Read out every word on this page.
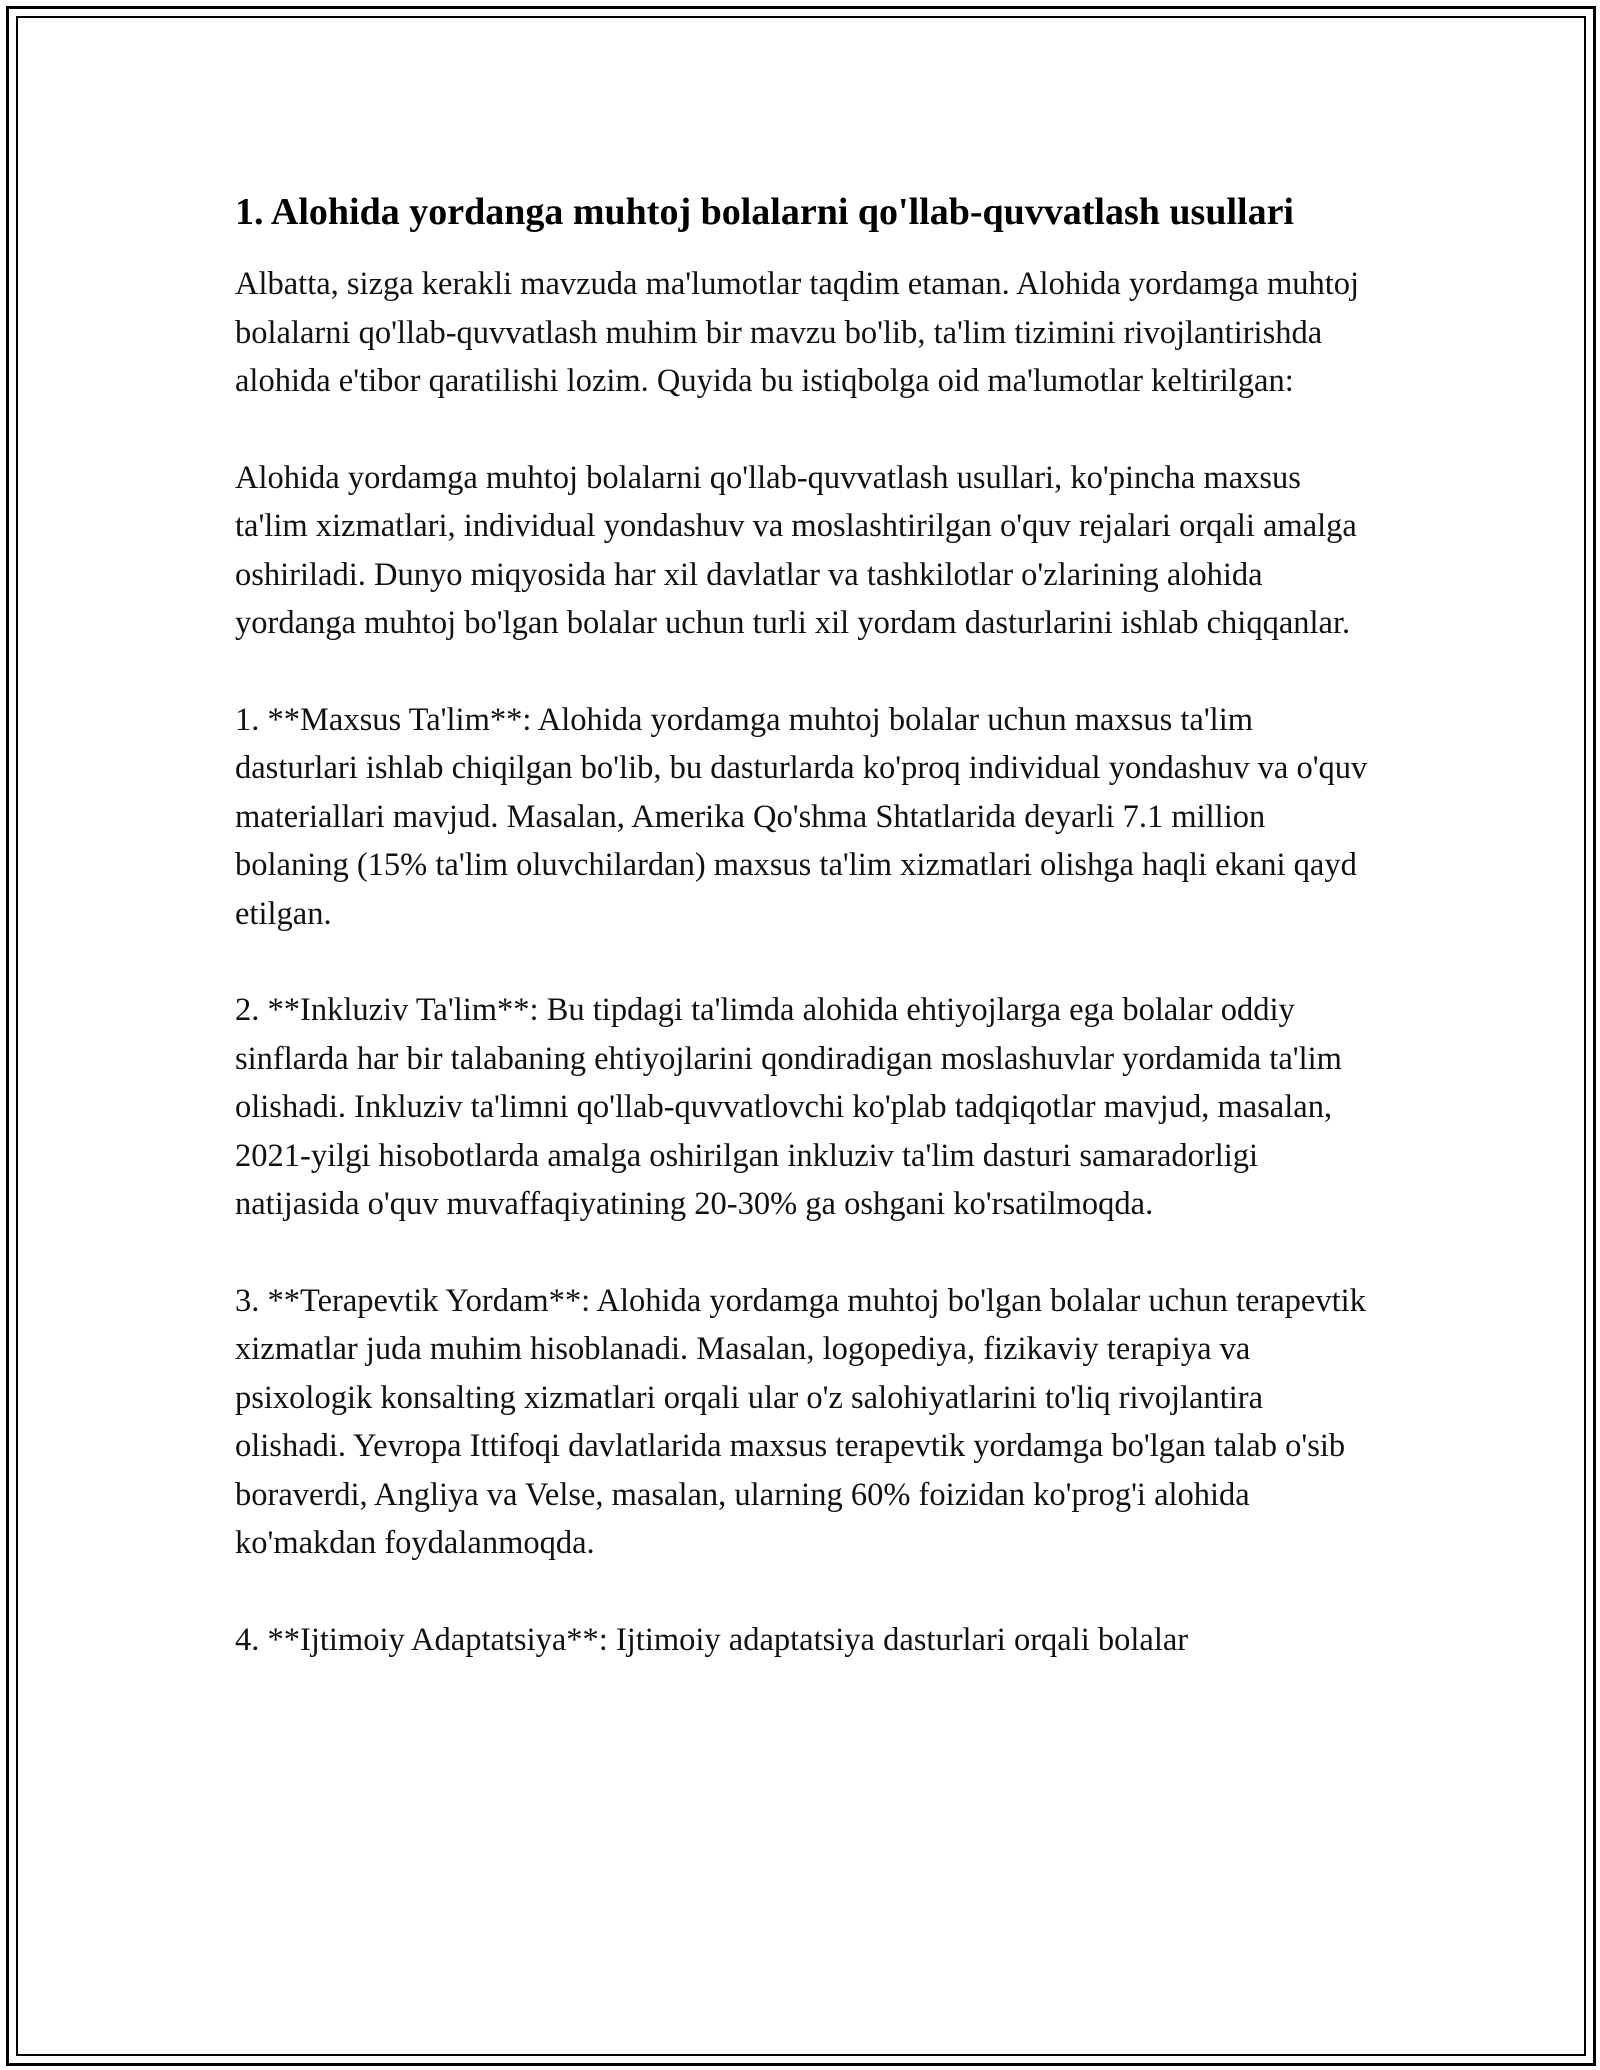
1. Alohida yordanga muhtoj bolalarni qo'llab-quvvatlash usullari

Albatta, sizga kerakli mavzuda ma'lumotlar taqdim etaman. Alohida yordamga muhtoj bolalarni qo'llab-quvvatlash muhim bir mavzu bo'lib, ta'lim tizimini rivojlantirishda alohida e'tibor qaratilishi lozim. Quyida bu istiqbolga oid ma'lumotlar keltirilgan:

Alohida yordamga muhtoj bolalarni qo'llab-quvvatlash usullari, ko'pincha maxsus ta'lim xizmatlari, individual yondashuv va moslashtirilgan o'quv rejalari orqali amalga oshiriladi. Dunyo miqyosida har xil davlatlar va tashkilotlar o'zlarining alohida yordanga muhtoj bo'lgan bolalar uchun turli xil yordam dasturlarini ishlab chiqqanlar.

1. **Maxsus Ta'lim**: Alohida yordamga muhtoj bolalar uchun maxsus ta'lim dasturlari ishlab chiqilgan bo'lib, bu dasturlarda ko'proq individual yondashuv va o'quv materiallari mavjud. Masalan, Amerika Qo'shma Shtatlarida deyarli 7.1 million bolaning (15% ta'lim oluvchilardan) maxsus ta'lim xizmatlari olishga haqli ekani qayd etilgan.

2. **Inkluziv Ta'lim**: Bu tipdagi ta'limda alohida ehtiyojlarga ega bolalar oddiy sinflarda har bir talabaning ehtiyojlarini qondiradigan moslashuvlar yordamida ta'lim olishadi. Inkluziv ta'limni qo'llab-quvvatlovchi ko'plab tadqiqotlar mavjud, masalan, 2021-yilgi hisobotlarda amalga oshirilgan inkluziv ta'lim dasturi samaradorligi natijasida o'quv muvaffaqiyatining 20-30% ga oshgani ko'rsatilmoqda.

3. **Terapevtik Yordam**: Alohida yordamga muhtoj bo'lgan bolalar uchun terapevtik xizmatlar juda muhim hisoblanadi. Masalan, logopediya, fizikaviy terapiya va psixologik konsalting xizmatlari orqali ular o'z salohiyatlarini to'liq rivojlantira olishadi. Yevropa Ittifoqi davlatlarida maxsus terapevtik yordamga bo'lgan talab o'sib boraverdi, Angliya va Velse, masalan, ularning 60% foizidan ko'prog'i alohida ko'makdan foydalanmoqda.

4. **Ijtimoiy Adaptatsiya**: Ijtimoiy adaptatsiya dasturlari orqali bolalar
